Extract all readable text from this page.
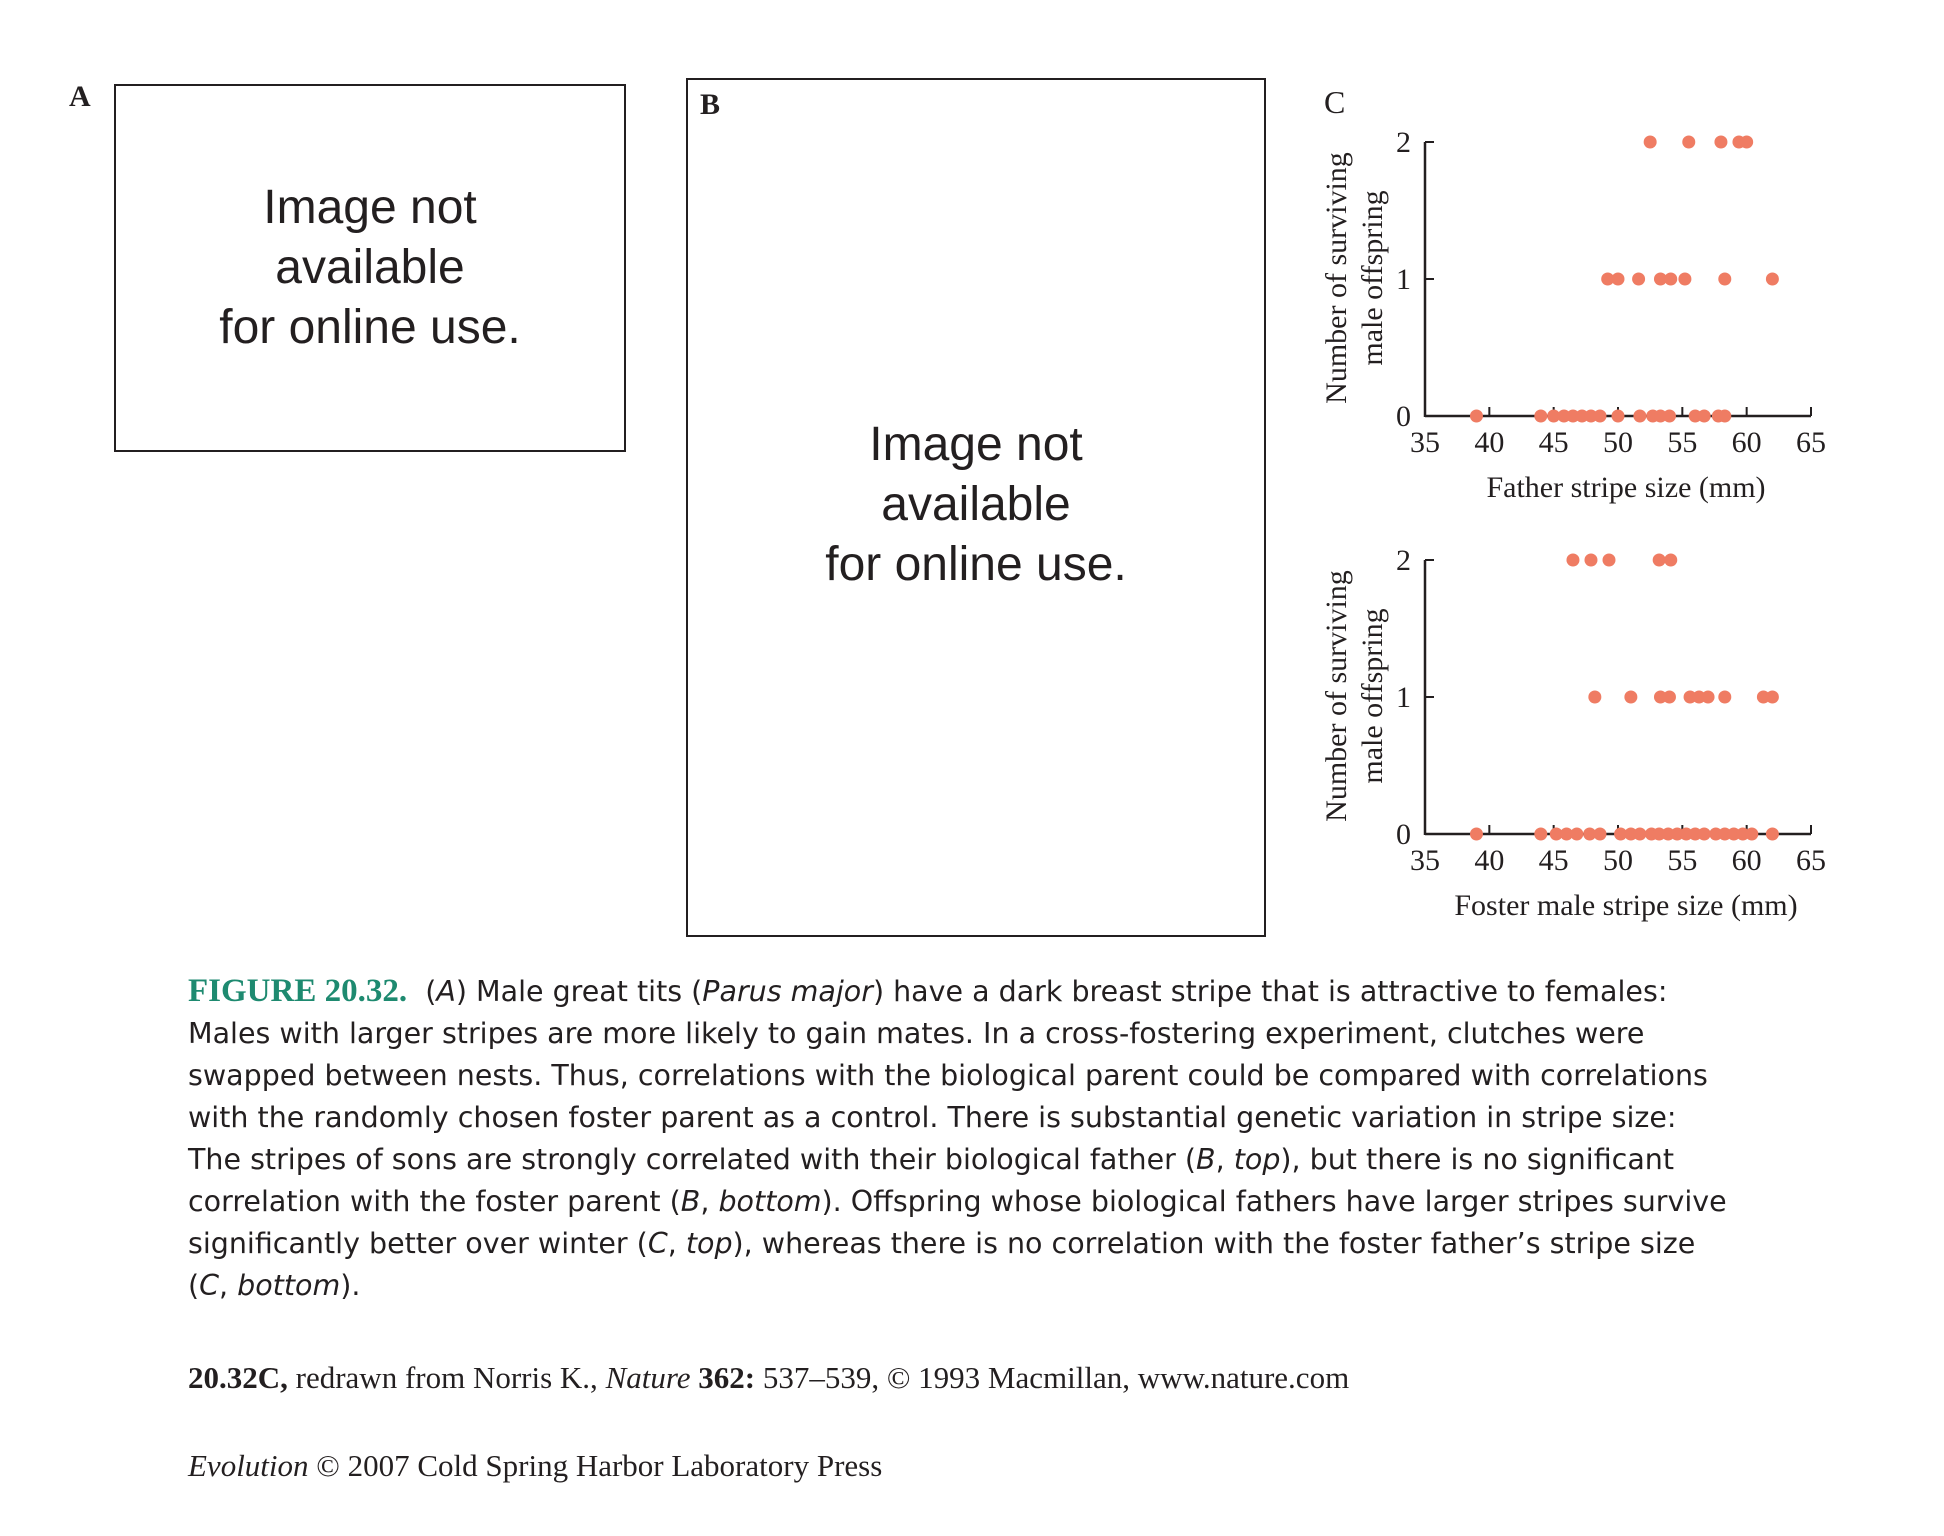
A
Image not
available
for online use.
Image not
available
for online use.
B	C
35 40 45 50 55 60 65
0
1
2
Father stripe size (mm)
Number of surviving male offspring
35 40 45 50 55 60 65
0
1
2
Foster male stripe size (mm)
Number of surviving male offspring
FIGURE 20.32. (A) Male great tits (Parus major) have a dark breast stripe that is attractive to females: Males with larger stripes are more likely to gain mates. In a cross-fostering experiment, clutches were swapped between nests. Thus, correlations with the biological parent could be compared with correlations with the randomly chosen foster parent as a control. There is substantial genetic variation in stripe size: The stripes of sons are strongly correlated with their biological father (B, top), but there is no significant correlation with the foster parent (B, bottom). Offspring whose biological fathers have larger stripes survive significantly better over winter (C, top), whereas there is no correlation with the foster father’s stripe size (C, bottom).
20.32C, redrawn from Norris K., Nature 362: 537–539, © 1993 Macmillan, www.nature.com
Evolution © 2007 Cold Spring Harbor Laboratory Press
